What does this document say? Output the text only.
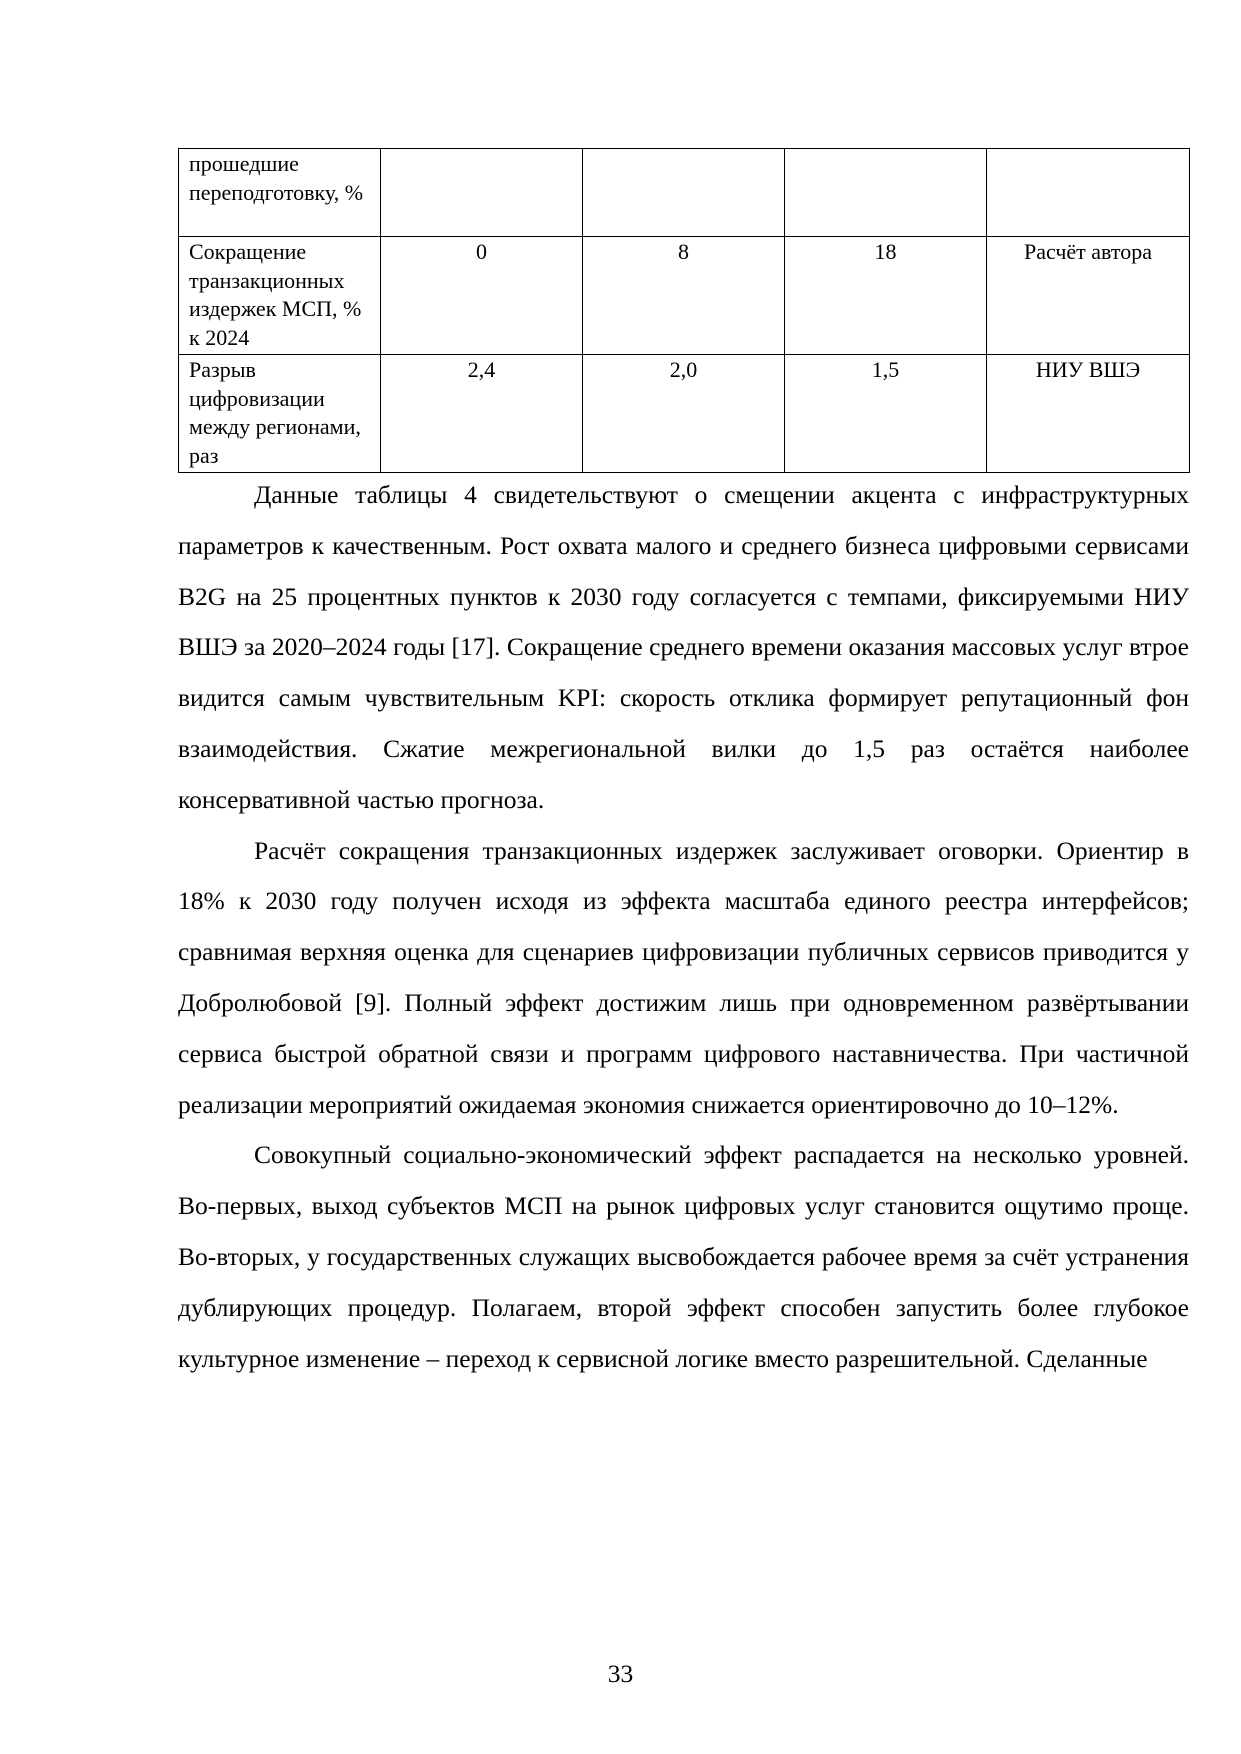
прошедшие переподготовку, %				
Сокращение транзакционных издержек МСП, % к 2024	0	8	18	Расчёт автора
Разрыв цифровизации между регионами, раз	2,4	2,0	1,5	НИУ ВШЭ

Данные таблицы 4 свидетельствуют о смещении акцента с инфраструктурных параметров к качественным. Рост охвата малого и среднего бизнеса цифровыми сервисами B2G на 25 процентных пунктов к 2030 году согласуется с темпами, фиксируемыми НИУ ВШЭ за 2020–2024 годы [17]. Сокращение среднего времени оказания массовых услуг втрое видится самым чувствительным KPI: скорость отклика формирует репутационный фон взаимодействия. Сжатие межрегиональной вилки до 1,5 раз остаётся наиболее консервативной частью прогноза.

Расчёт сокращения транзакционных издержек заслуживает оговорки. Ориентир в 18% к 2030 году получен исходя из эффекта масштаба единого реестра интерфейсов; сравнимая верхняя оценка для сценариев цифровизации публичных сервисов приводится у Добролюбовой [9]. Полный эффект достижим лишь при одновременном развёртывании сервиса быстрой обратной связи и программ цифрового наставничества. При частичной реализации мероприятий ожидаемая экономия снижается ориентировочно до 10–12%.

Совокупный социально-экономический эффект распадается на несколько уровней. Во-первых, выход субъектов МСП на рынок цифровых услуг становится ощутимо проще. Во-вторых, у государственных служащих высвобождается рабочее время за счёт устранения дублирующих процедур. Полагаем, второй эффект способен запустить более глубокое культурное изменение – переход к сервисной логике вместо разрешительной. Сделанные

33
